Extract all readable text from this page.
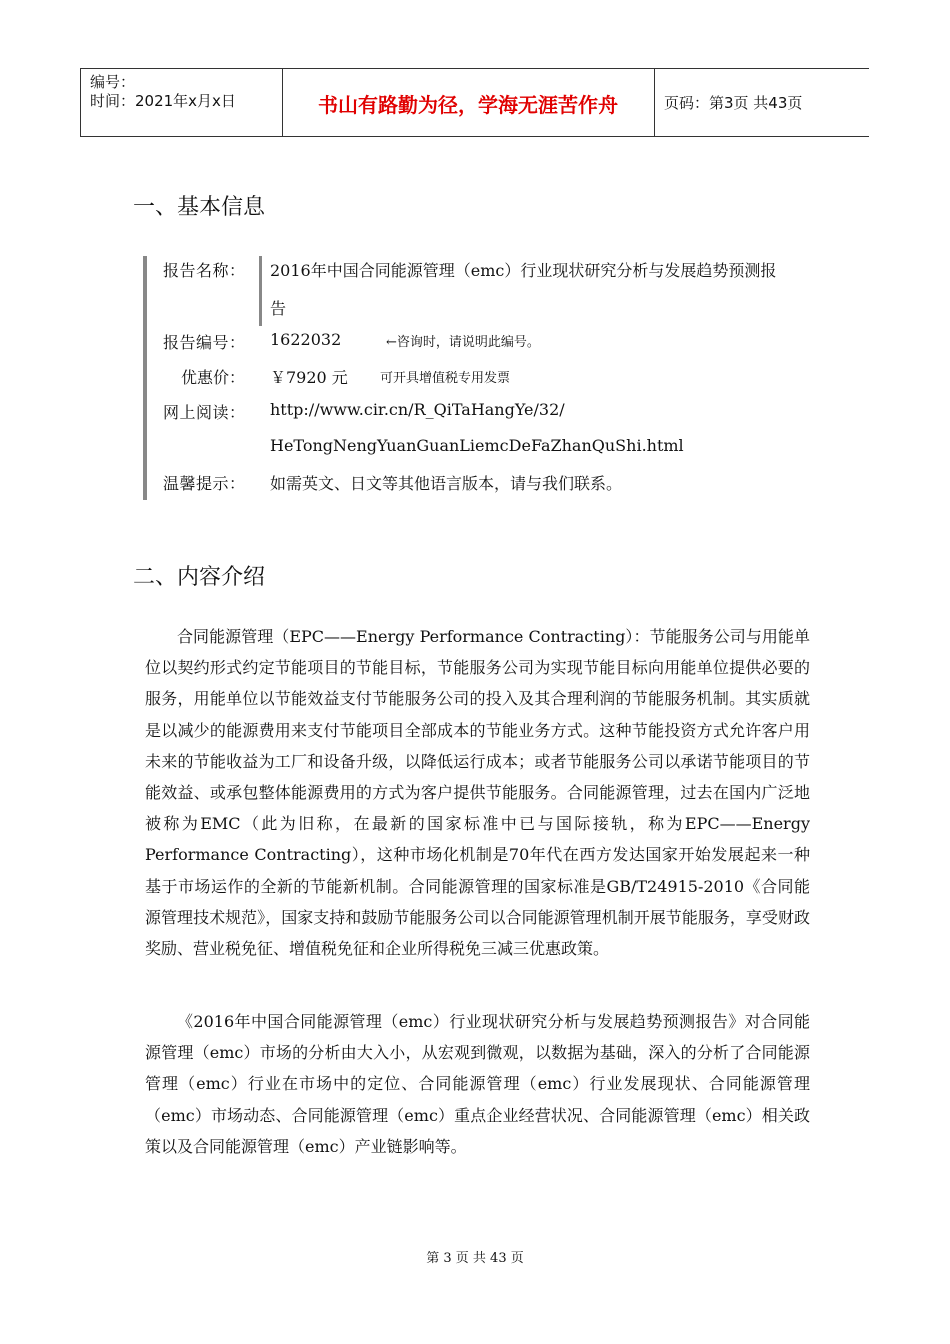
编号：
时间：2021年x月x日	书山有路勤为径，学海无涯苦作舟	页码：第3页 共43页
一、基本信息
报告名称： 2016年中国合同能源管理（emc）行业现状研究分析与发展趋势预测报
告
报告编号： 1622032	←咨询时，请说明此编号。
优惠价： ￥7920 元 可开具增值税专用发票
网上阅读： http://www.cir.cn/R_QiTaHangYe/32/
HeTongNengYuanGuanLiemcDeFaZhanQuShi.html
温馨提示： 如需英文、日文等其他语言版本，请与我们联系。
二、内容介绍

合同能源管理（EPC——Energy Performance Contracting）：节能服务公司与用能单位以契约形式约定节能项目的节能目标，节能服务公司为实现节能目标向用能单位提供必要的服务，用能单位以节能效益支付节能服务公司的投入及其合理利润的节能服务机制。其实质就是以减少的能源费用来支付节能项目全部成本的节能业务方式。这种节能投资方式允许客户用未来的节能收益为工厂和设备升级，以降低运行成本；或者节能服务公司以承诺节能项目的节能效益、或承包整体能源费用的方式为客户提供节能服务。合同能源管理，过去在国内广泛地被称为EMC（此为旧称，在最新的国家标准中已与国际接轨，称为EPC——Energy Performance Contracting），这种市场化机制是70年代在西方发达国家开始发展起来一种基于市场运作的全新的节能新机制。合同能源管理的国家标准是GB/T24915-2010《合同能源管理技术规范》，国家支持和鼓励节能服务公司以合同能源管理机制开展节能服务，享受财政奖励、营业税免征、增值税免征和企业所得税免三减三优惠政策。

《2016年中国合同能源管理（emc）行业现状研究分析与发展趋势预测报告》对合同能源管理（emc）市场的分析由大入小，从宏观到微观，以数据为基础，深入的分析了合同能源管理（emc）行业在市场中的定位、合同能源管理（emc）行业发展现状、合同能源管理（emc）市场动态、合同能源管理（emc）重点企业经营状况、合同能源管理（emc）相关政策以及合同能源管理（emc）产业链影响等。

第 3 页 共 43 页
